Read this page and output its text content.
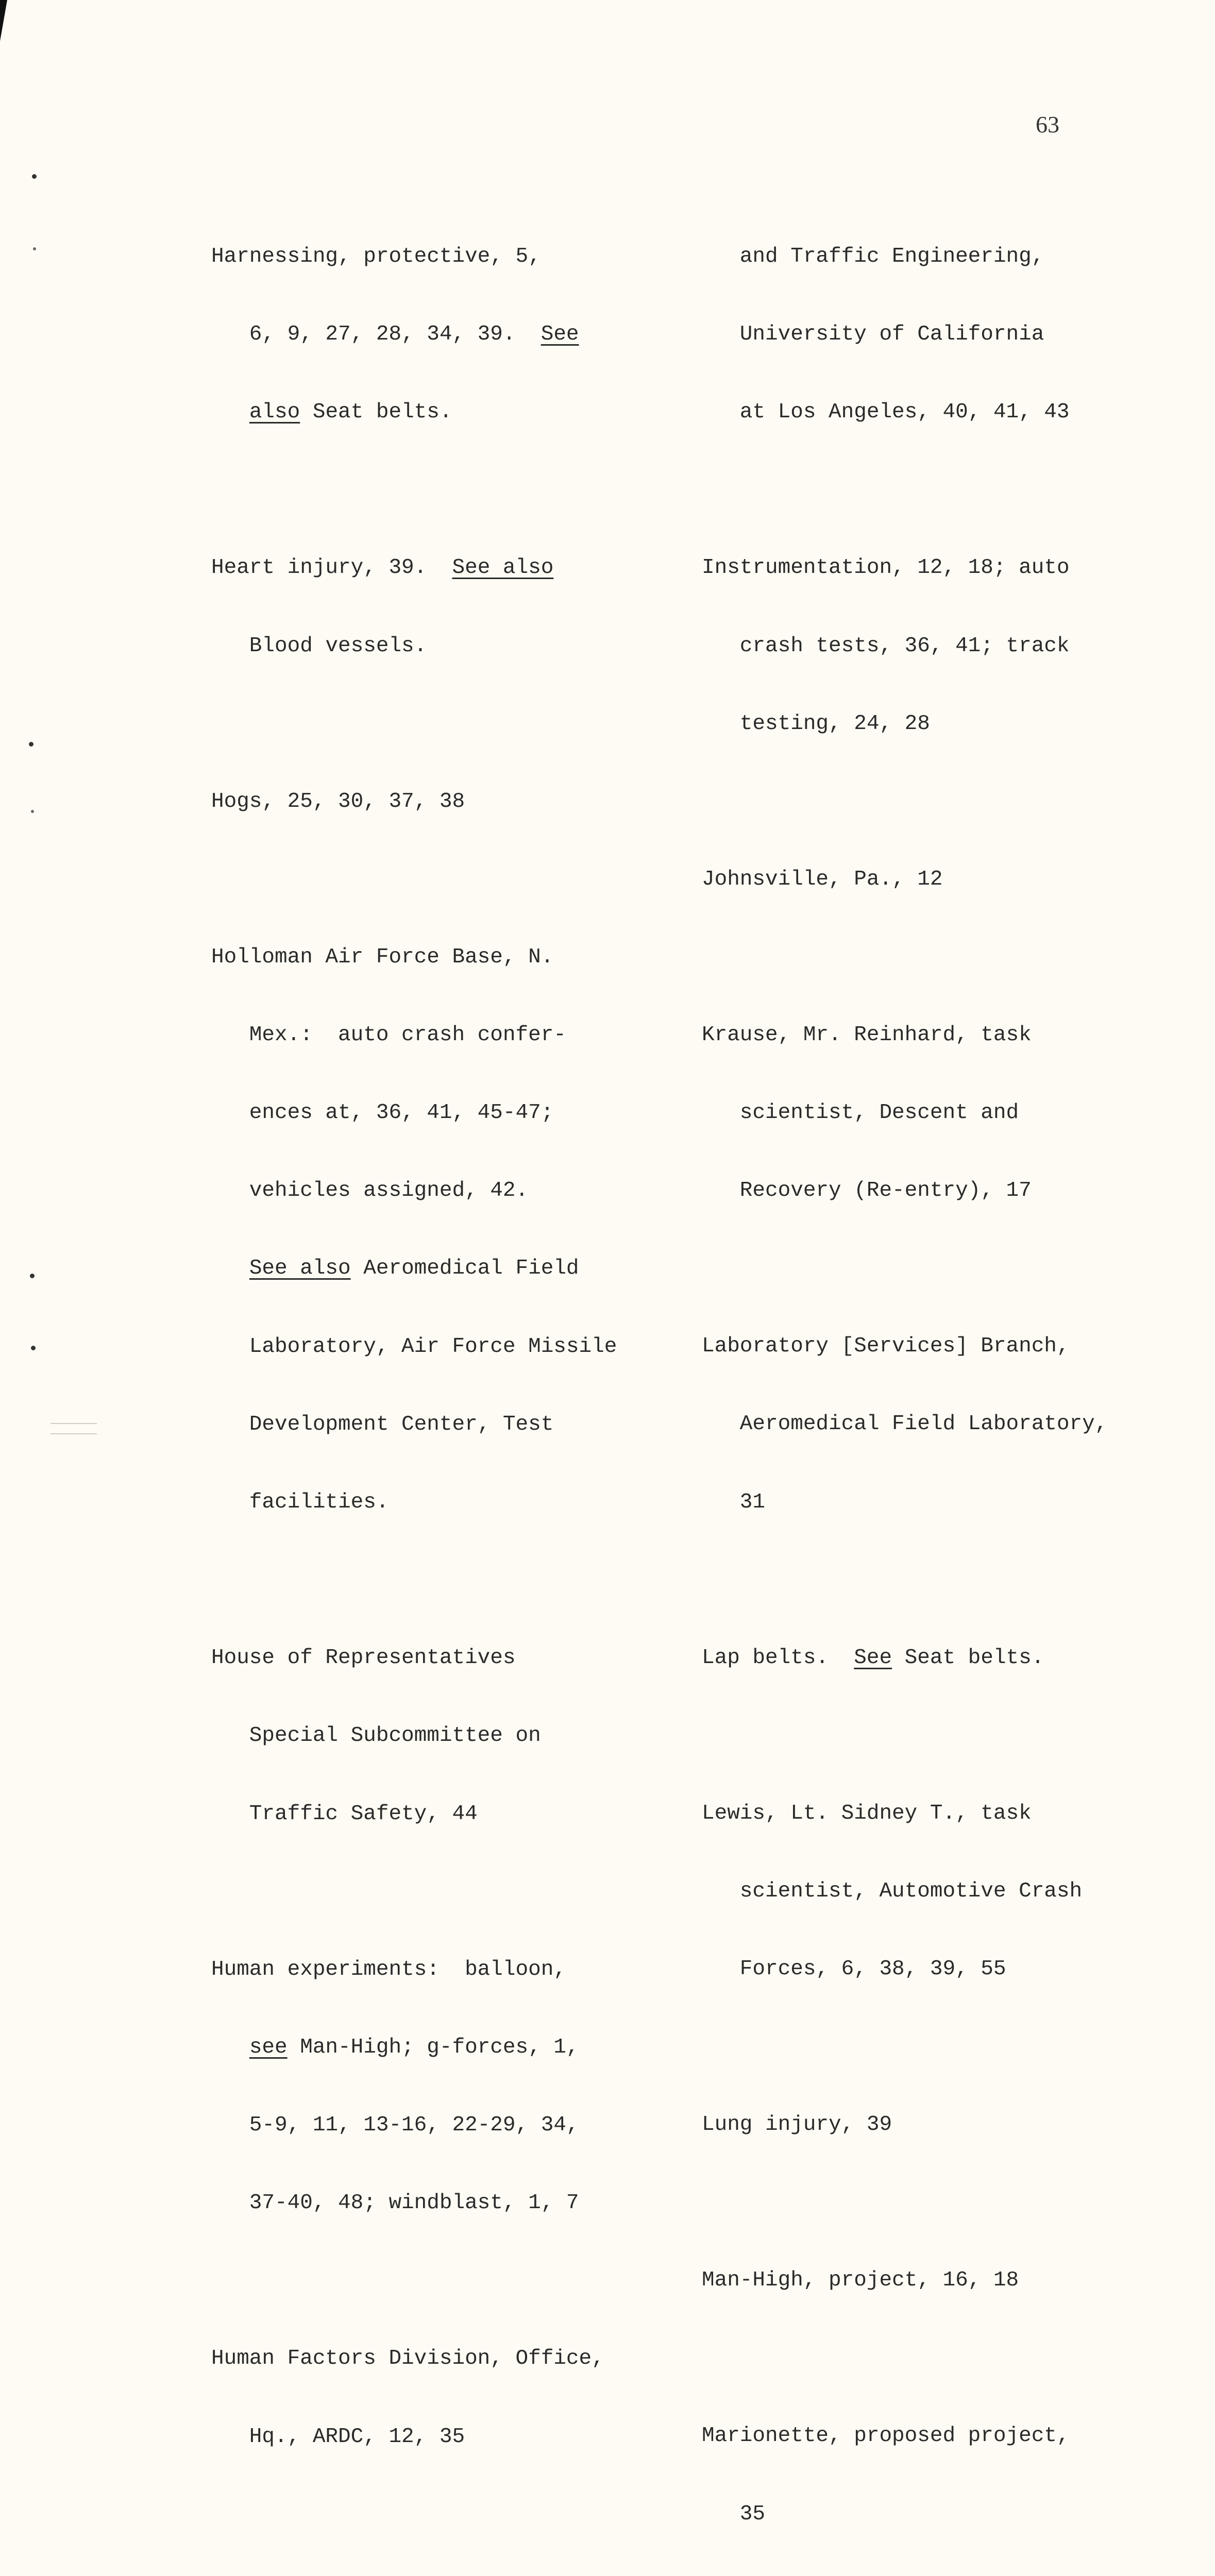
63

Harnessing, protective, 5,

6, 9, 27, 28, 34, 39.  See

also Seat belts.

Heart injury, 39.  See also

Blood vessels.

Hogs, 25, 30, 37, 38

Holloman Air Force Base, N.

Mex.:  auto crash confer-

ences at, 36, 41, 45-47;

vehicles assigned, 42.

See also Aeromedical Field

Laboratory, Air Force Missile

Development Center, Test

facilities.

House of Representatives

Special Subcommittee on

Traffic Safety, 44

Human experiments:  balloon,

see Man-High; g-forces, 1,

5-9, 11, 13-16, 22-29, 34,

37-40, 48; windblast, 1, 7

Human Factors Division, Office,

Hq., ARDC, 12, 35

and Traffic Engineering,

University of California

at Los Angeles, 40, 41, 43

Instrumentation, 12, 18; auto

crash tests, 36, 41; track

testing, 24, 28

Johnsville, Pa., 12

Krause, Mr. Reinhard, task

scientist, Descent and

Recovery (Re-entry), 17

Laboratory [Services] Branch,

Aeromedical Field Laboratory,

31

Lap belts.  See Seat belts.

Lewis, Lt. Sidney T., task

scientist, Automotive Crash

Forces, 6, 38, 39, 55

Lung injury, 39

Man-High, project, 16, 18

Marionette, proposed project,

35
